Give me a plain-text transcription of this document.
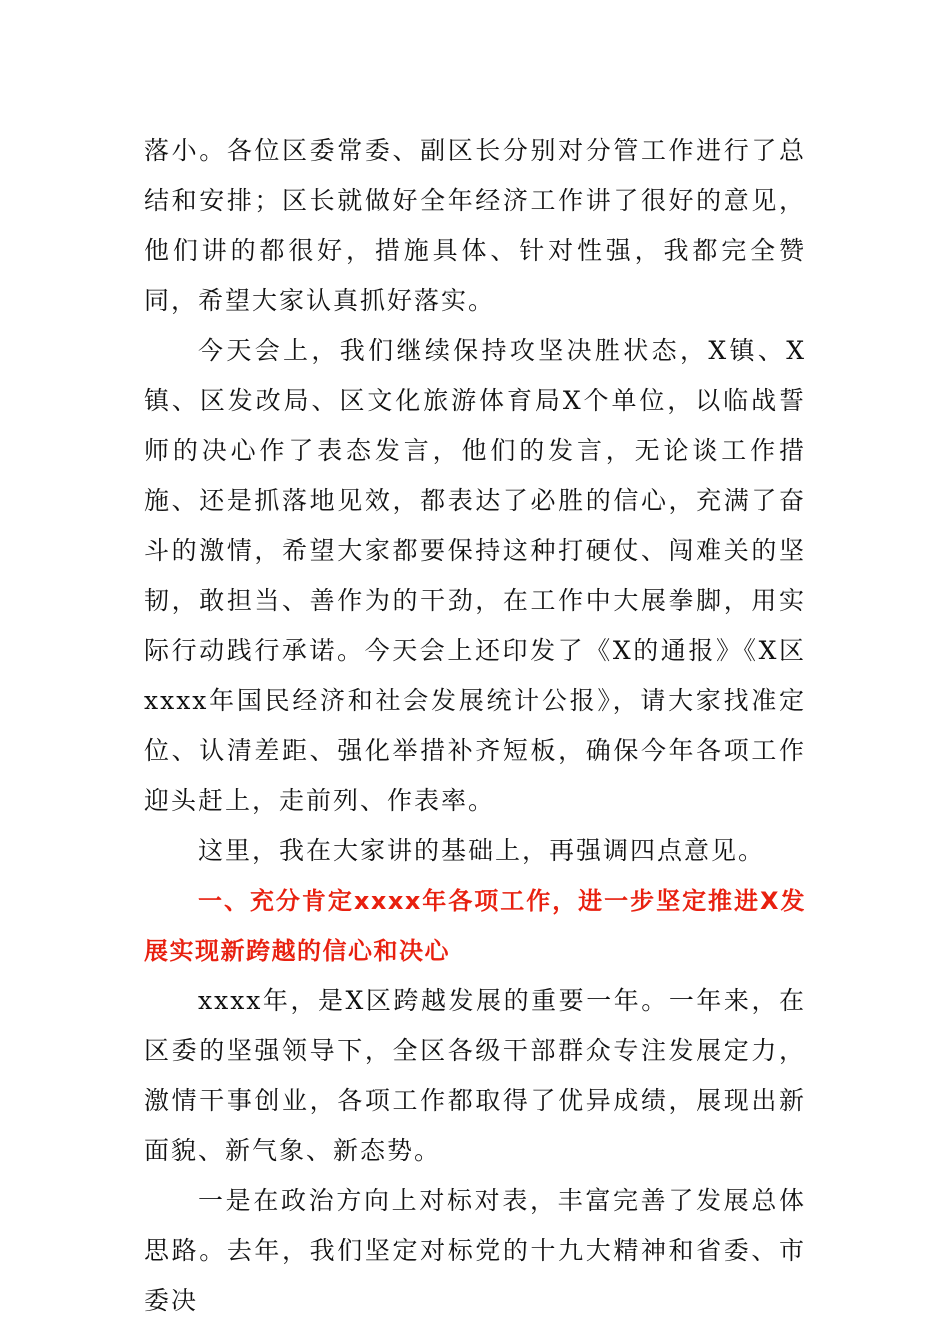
落小。各位区委常委、副区长分别对分管工作进行了总结和安排；区长就做好全年经济工作讲了很好的意见，他们讲的都很好，措施具体、针对性强，我都完全赞同，希望大家认真抓好落实。

今天会上，我们继续保持攻坚决胜状态，X镇、X镇、区发改局、区文化旅游体育局X个单位，以临战誓师的决心作了表态发言，他们的发言，无论谈工作措施、还是抓落地见效，都表达了必胜的信心，充满了奋斗的激情，希望大家都要保持这种打硬仗、闯难关的坚韧，敢担当、善作为的干劲，在工作中大展拳脚，用实际行动践行承诺。今天会上还印发了《X的通报》《X区xxxx年国民经济和社会发展统计公报》，请大家找准定位、认清差距、强化举措补齐短板，确保今年各项工作迎头赶上，走前列、作表率。

这里，我在大家讲的基础上，再强调四点意见。

一、充分肯定xxxx年各项工作，进一步坚定推进X发展实现新跨越的信心和决心

xxxx年，是X区跨越发展的重要一年。一年来，在区委的坚强领导下，全区各级干部群众专注发展定力，激情干事创业，各项工作都取得了优异成绩，展现出新面貌、新气象、新态势。

一是在政治方向上对标对表，丰富完善了发展总体思路。去年，我们坚定对标党的十九大精神和省委、市委决
